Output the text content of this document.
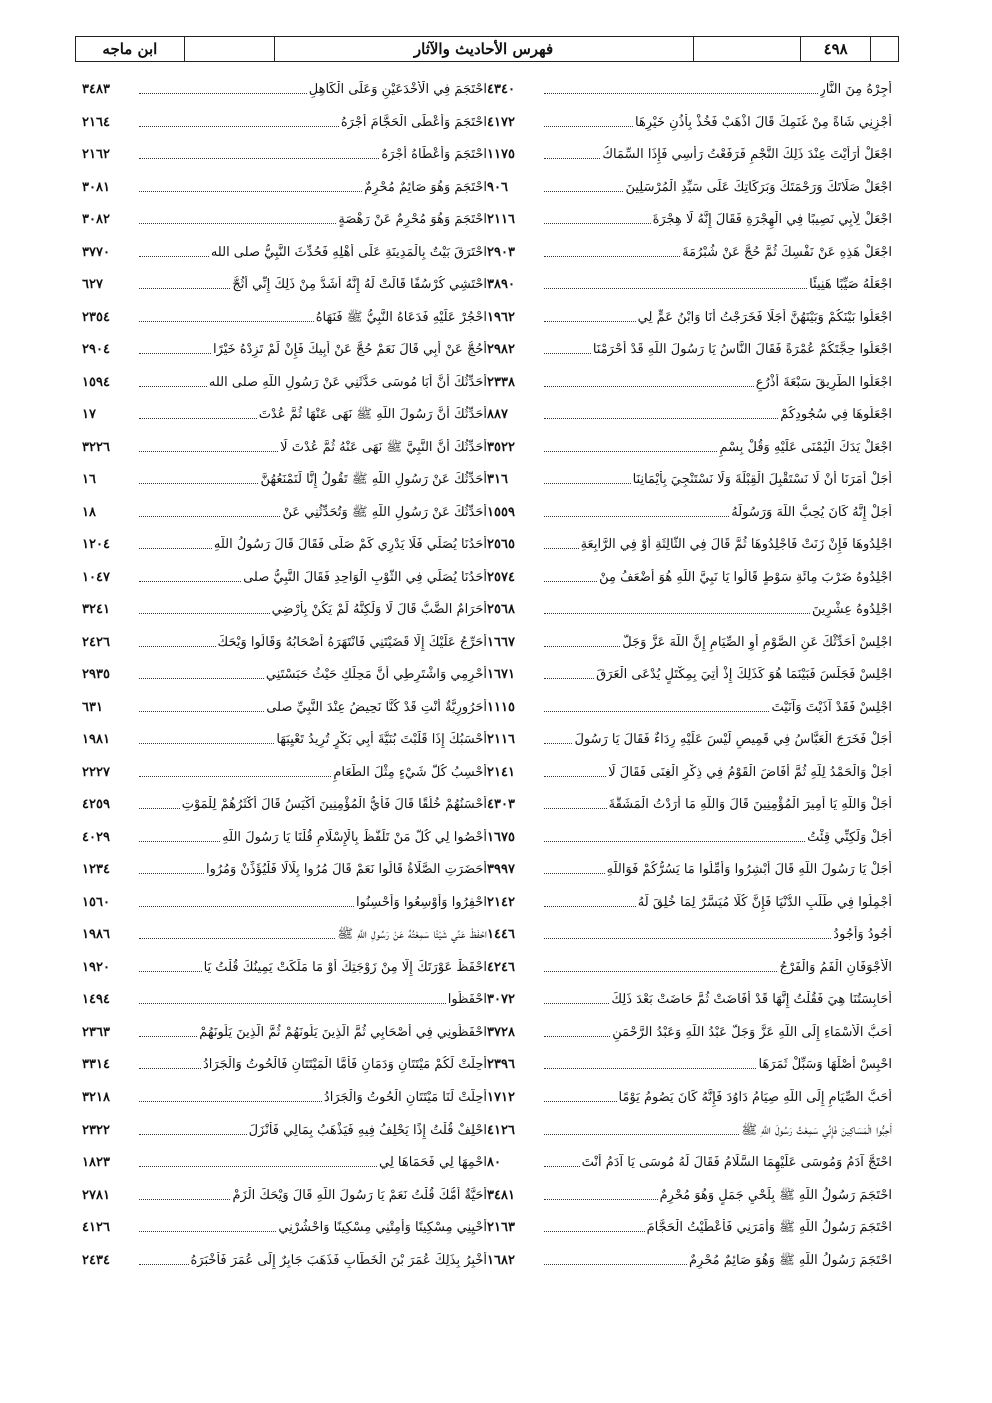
ابن ماجه	فهرس الأحاديث والآثار	٤٩٨
٤٣٤٠	أَجِرْهُ مِنَ النَّارِ
٤١٧٢	أَجْزِنِي شَاةً مِنْ غَنَمِكَ قَالَ اذْهَبْ فَخُذْ بِأُذُنِ خَيْرِهَا
١١٧٥	اجْعَلْ أَرَأَيْتَ عِنْدَ ذَلِكَ النَّجْمِ فَرَفَعْتُ رَأْسِي فَإِذَا السِّمَاكُ
٩٠٦	اجْعَلْ صَلَاتَكَ وَرَحْمَتَكَ وَبَرَكَاتِكَ عَلَى سَيِّدِ الْمُرْسَلِينَ
٢١١٦	اجْعَلْ لِأَبِي نَصِيبًا فِي الْهِجْرَةِ فَقَالَ إِنَّهُ لَا هِجْرَةَ
٢٩٠٣	اجْعَلْ هَذِهِ عَنْ نَفْسِكَ ثُمَّ حُجَّ عَنْ شُبْرُمَةَ
٣٨٩٠	اجْعَلْهُ صَيِّبًا هَنِيئًا
١٩٦٢	اجْعَلُوا بَيْنَكُمْ وَبَيْنَهُنَّ أَجَلًا فَخَرَجْتُ أَنَا وَابْنُ عَمٍّ لِي
٢٩٨٢	اجْعَلُوا حِجَّتَكُمْ عُمْرَةً فَقَالَ النَّاسُ يَا رَسُولَ اللَّهِ قَدْ أَحْرَمْنَا
٢٣٣٨	اجْعَلُوا الطَّرِيقَ سَبْعَةَ أَذْرُعٍ
٨٨٧	اجْعَلُوهَا فِي سُجُودِكُمْ
٣٥٢٢	اجْعَلْ يَدَكَ الْيُمْنَى عَلَيْهِ وَقُلْ بِسْمِ
٣١٦	أَجَلْ أَمَرَنَا أَنْ لَا نَسْتَقْبِلَ الْقِبْلَةَ وَلَا نَسْتَنْجِيَ بِأَيْمَانِنَا
١٥٥٩	أَجَلْ إِنَّهُ كَانَ يُحِبُّ اللَّهَ وَرَسُولَهُ
٢٥٦٥	اجْلِدُوهَا فَإِنْ زَنَتْ فَاجْلِدُوهَا ثُمَّ قَالَ فِي الثَّالِثَةِ أَوْ فِي الرَّابِعَةِ
٢٥٧٤	اجْلِدُوهُ ضَرْبَ مِائَةِ سَوْطٍ قَالُوا يَا نَبِيَّ اللَّهِ هُوَ أَضْعَفُ مِنْ
٢٥٦٨	اجْلِدُوهُ عِشْرِينَ
١٦٦٧	اجْلِسْ أُحَدِّثْكَ عَنِ الصَّوْمِ أَوِ الصِّيَامِ إِنَّ اللَّهَ عَزَّ وَجَلَّ
١٦٧١	اجْلِسْ فَجَلَسَ فَبَيْنَمَا هُوَ كَذَلِكَ إِذْ أُتِيَ بِمِكْتَلٍ يُدْعَى الْعَرَقَ
١١١٥	اجْلِسْ فَقَدْ آذَيْتَ وَآنَيْتَ
٢١١٦	أَجَلْ فَخَرَجَ الْعَبَّاسُ فِي قَمِيصٍ لَيْسَ عَلَيْهِ رِدَاءٌ فَقَالَ يَا رَسُولَ
٢١٤١	أَجَلْ وَالْحَمْدُ لِلَّهِ ثُمَّ أَفَاضَ الْقَوْمُ فِي ذِكْرِ الْغِنَى فَقَالَ لَا
٤٣٠٣	أَجَلْ وَاللَّهِ يَا أَمِيرَ الْمُؤْمِنِينَ قَالَ وَاللَّهِ مَا أَرَدْتُ الْمَشَقَّةَ
١٦٧٥	أَجَلْ وَلَكِنِّي قِئْتُ
٣٩٩٧	أَجَلْ يَا رَسُولَ اللَّهِ قَالَ أَبْشِرُوا وَأَمِّلُوا مَا يَسُرُّكُمْ فَوَاللَّهِ
٢١٤٢	أَجْمِلُوا فِي طَلَبِ الدُّنْيَا فَإِنَّ كُلًّا مُيَسَّرٌ لِمَا خُلِقَ لَهُ
١٤٤٦	أَجُودُ وَأَجُودُ
٤٢٤٦	الْأَجْوَفَانِ الْفَمُ وَالْفَرْجُ
٣٠٧٢	أَحَابِسَتُنَا هِيَ فَقُلْتُ إِنَّهَا قَدْ أَفَاضَتْ ثُمَّ حَاضَتْ بَعْدَ ذَلِكَ
٣٧٢٨	أَحَبُّ الْأَسْمَاءِ إِلَى اللَّهِ عَزَّ وَجَلَّ عَبْدُ اللَّهِ وَعَبْدُ الرَّحْمَنِ
٢٣٩٦	احْبِسْ أَصْلَهَا وَسَبِّلْ ثَمَرَهَا
١٧١٢	أَحَبُّ الصِّيَامِ إِلَى اللَّهِ صِيَامُ دَاوُدَ فَإِنَّهُ كَانَ يَصُومُ يَوْمًا
٤١٢٦	أَحِبُّوا الْمَسَاكِينَ فَإِنِّي سَمِعْتُ رَسُولَ اللَّهِ ﷺ
٨٠	احْتَجَّ آدَمُ وَمُوسَى عَلَيْهِمَا السَّلَامُ فَقَالَ لَهُ مُوسَى يَا آدَمُ أَنْتَ
٣٤٨١	احْتَجَمَ رَسُولُ اللَّهِ ﷺ بِلَحْيِ جَمَلٍ وَهُوَ مُحْرِمٌ
٢١٦٣	احْتَجَمَ رَسُولُ اللَّهِ ﷺ وَأَمَرَنِي فَأَعْطَيْتُ الْحَجَّامَ
١٦٨٢	احْتَجَمَ رَسُولُ اللَّهِ ﷺ وَهُوَ صَائِمٌ مُحْرِمٌ
٣٤٨٣	احْتَجَمَ فِي الْأَخْدَعَيْنِ وَعَلَى الْكَاهِلِ
٢١٦٤	احْتَجَمَ وَأَعْطَى الْحَجَّامَ أَجْرَهُ
٢١٦٢	احْتَجَمَ وَأَعْطَاهُ أَجْرَهُ
٣٠٨١	احْتَجَمَ وَهُوَ صَائِمٌ مُحْرِمٌ
٣٠٨٢	احْتَجَمَ وَهُوَ مُحْرِمٌ عَنْ رَهْصَةٍ
٣٧٧٠	احْتَرَقَ بَيْتٌ بِالْمَدِينَةِ عَلَى أَهْلِهِ فَحُدِّثَ النَّبِيُّ صلى الله
٦٢٧	احْتَشِي كُرْسُفًا قَالَتْ لَهُ إِنَّهُ أَشَدُّ مِنْ ذَلِكَ إِنِّي أَثُجُّ
٢٣٥٤	احْجُرْ عَلَيْهِ فَدَعَاهُ النَّبِيُّ ﷺ فَنَهَاهُ
٢٩٠٤	أَحُجُّ عَنْ أَبِي قَالَ نَعَمْ حُجَّ عَنْ أَبِيكَ فَإِنْ لَمْ تَزِدْهُ خَيْرًا
١٥٩٤	أُحَدِّثُكَ أَنَّ أَبَا مُوسَى حَدَّثَنِي عَنْ رَسُولِ اللَّهِ صلى الله
١٧	أُحَدِّثُكَ أَنَّ رَسُولَ اللَّهِ ﷺ نَهَى عَنْهَا ثُمَّ عُدْتَ
٣٢٢٦	أُحَدِّثُكَ أَنَّ النَّبِيَّ ﷺ نَهَى عَنْهُ ثُمَّ عُدْتَ لَا
١٦	أُحَدِّثُكَ عَنْ رَسُولِ اللَّهِ ﷺ تَقُولُ إِنَّا لَنَمْنَعُهُنَّ
١٨	أُحَدِّثُكَ عَنْ رَسُولِ اللَّهِ ﷺ وَتُحَدِّثُنِي عَنْ
١٢٠٤	أَحَدُنَا يُصَلِّي فَلَا يَدْرِي كَمْ صَلَّى فَقَالَ قَالَ رَسُولُ اللَّهِ
١٠٤٧	أَحَدُنَا يُصَلِّي فِي الثَّوْبِ الْوَاحِدِ فَقَالَ النَّبِيُّ صلى
٣٢٤١	أَحَرَامٌ الضَّبُّ قَالَ لَا وَلَكِنَّهُ لَمْ يَكُنْ بِأَرْضِي
٢٤٢٦	أُحَرِّجُ عَلَيْكَ إِلَّا قَضَيْتَنِي فَانْتَهَرَهُ أَصْحَابُهُ وَقَالُوا وَيْحَكَ
٢٩٣٥	أَحْرِمِي وَاشْتَرِطِي أَنَّ مَحِلِّكِ حَيْثُ حَبَسْتَنِي
٦٣١	أَحَرُورِيَّةٌ أَنْتِ قَدْ كُنَّا نَحِيضُ عِنْدَ النَّبِيِّ صلى
١٩٨١	أَحْسَبُكَ إِذَا قَلَبْتَ بُنَيَّةَ أَبِي بَكْرٍ تُرِيدُ تَعْيِبَهَا
٢٢٢٧	أَحْسِبُ كُلَّ شَيْءٍ مِثْلَ الطَّعَامِ
٤٢٥٩	أَحْسَنُهُمْ خُلُقًا قَالَ فَأَيُّ الْمُؤْمِنِينَ أَكْيَسُ قَالَ أَكْثَرُهُمْ لِلْمَوْتِ
٤٠٢٩	أَحْصُوا لِي كُلَّ مَنْ تَلَفَّظَ بِالْإِسْلَامِ قُلْنَا يَا رَسُولَ اللَّهِ
١٢٣٤	أَحَضَرَتِ الصَّلَاةُ قَالُوا نَعَمْ قَالَ مُرُوا بِلَالًا فَلْيُؤَذِّنْ وَمُرُوا
١٥٦٠	احْفِرُوا وَأَوْسِعُوا وَأَحْسِنُوا
١٩٨٦	احْفَظْ عَنِّي شَيْئًا سَمِعْتُهُ عَنْ رَسُولِ اللَّهِ ﷺ
١٩٢٠	احْفَظْ عَوْرَتَكَ إِلَّا مِنْ زَوْجَتِكَ أَوْ مَا مَلَكَتْ يَمِينُكَ قُلْتُ يَا
١٤٩٤	احْفَظُوا
٢٣٦٣	احْفَظُونِي فِي أَصْحَابِي ثُمَّ الَّذِينَ يَلُونَهُمْ ثُمَّ الَّذِينَ يَلُونَهُمْ
٣٣١٤	أُحِلَّتْ لَكُمْ مَيْتَتَانِ وَدَمَانِ فَأَمَّا الْمَيْتَتَانِ فَالْحُوتُ وَالْجَرَادُ
٣٢١٨	أُحِلَّتْ لَنَا مَيْتَتَانِ الْحُوتُ وَالْجَرَادُ
٢٣٢٢	احْلِفْ قُلْتُ إِذًا يَحْلِفُ فِيهِ فَيَذْهَبُ بِمَالِي فَأَنْزَلَ
١٨٢٣	احْمِهَا لِي فَحَمَاهَا لِي
٢٧٨١	أَحَيَّةٌ أُمُّكَ قُلْتُ نَعَمْ يَا رَسُولَ اللَّهِ قَالَ وَيْحَكَ الْزَمْ
٤١٢٦	أَحْيِنِي مِسْكِينًا وَأَمِتْنِي مِسْكِينًا وَاحْشُرْنِي
٢٤٣٤	أُخْبِرُ بِذَلِكَ عُمَرَ بْنَ الْخَطَّابِ فَذَهَبَ جَابِرٌ إِلَى عُمَرَ فَأَخْبَرَهُ
